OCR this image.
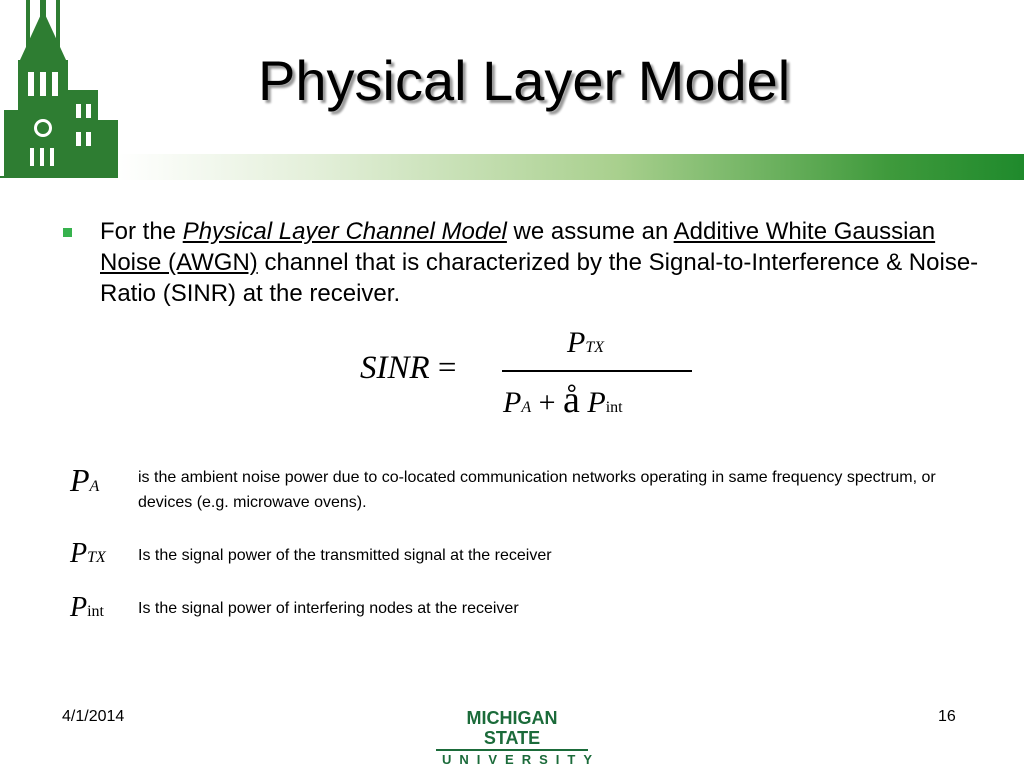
Physical Layer Model
For the Physical Layer Channel Model we assume an Additive White Gaussian Noise (AWGN) channel that is characterized by the Signal-to-Interference & Noise-Ratio (SINR) at the receiver.
SINR =
PTX
PA + å Pint
PA
is the ambient noise power due to co-located communication networks operating in same frequency spectrum, or devices (e.g. microwave ovens).
PTX Is the signal power of the transmitted signal at the receiver
Pint Is the signal power of interfering nodes at the receiver
4/1/2014	MICHIGAN STATE
UNIVERSITY
16
